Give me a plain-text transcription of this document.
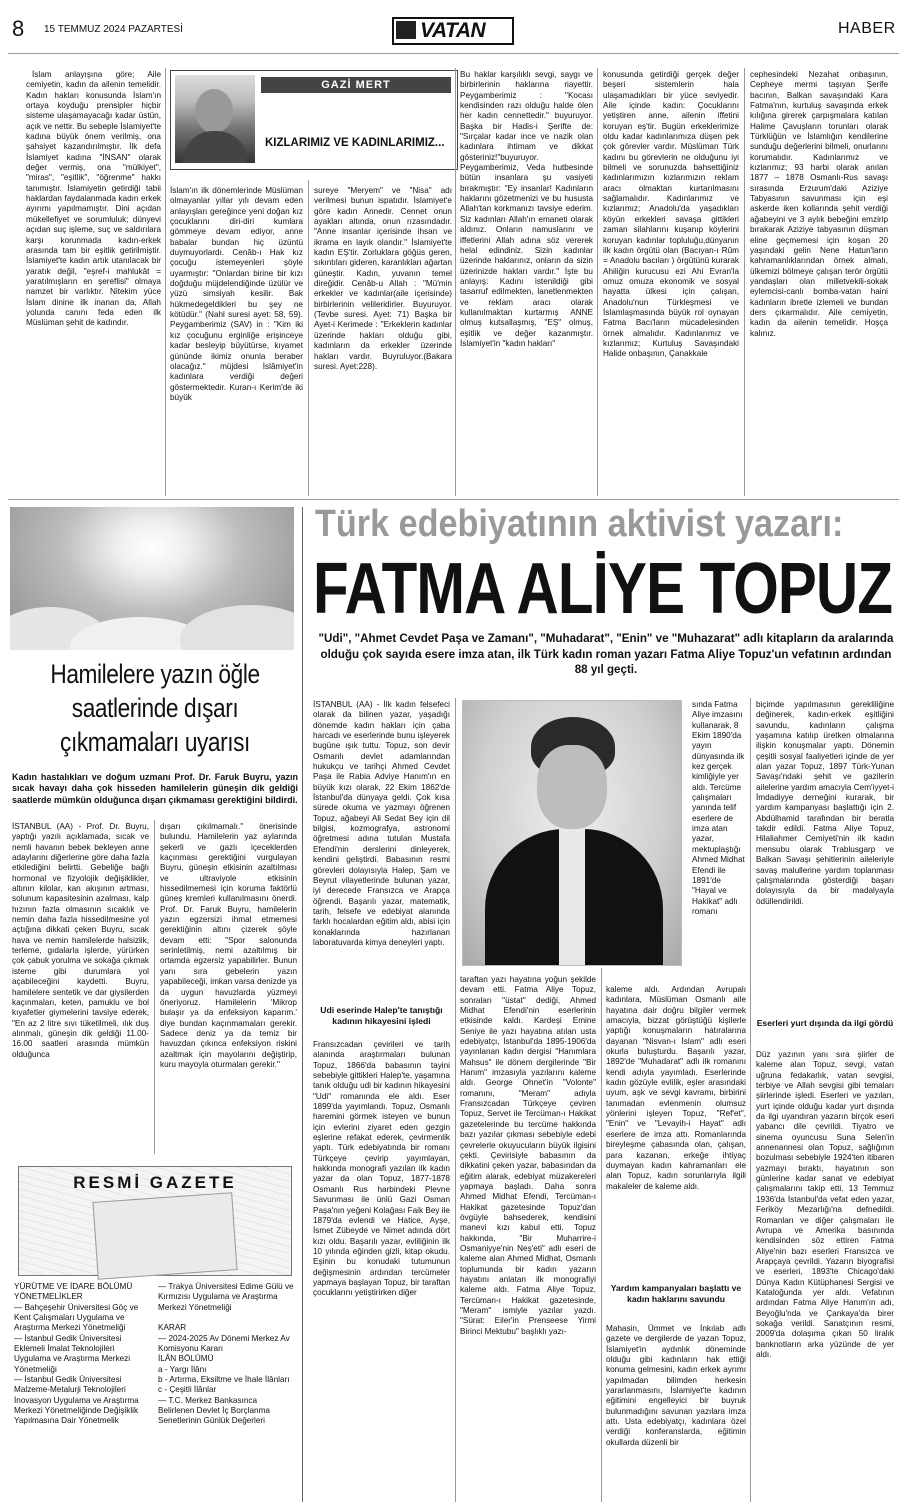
8 15 TEMMUZ 2024 PAZARTESİ	VATAN	HABER
GAZİ MERT
KIZLARIMIZ VE KADINLARIMIZ...
İslam anlayışına göre; Aile cemiyetin, kadın da ailenin temelidir. Kadın hakları konusunda İslam'ın ortaya koyduğu prensipler hiçbir sisteme ulaşamayacağı kadar üstün, açık ve nettir. Bu sebeple İslamiyet'te kadına büyük önem verilmiş, ona şahsiyet kazandırılmıştır. İlk defa İslamiyet kadına "İNSAN" olarak değer vermiş, ona "mülkiyet", "miras", "eşitlik", "öğrenme" hakkı tanımıştır. İslamiyetin getirdiği tabii haklardan faydalanmada kadın erkek ayırımı yapılmamıştır. Dini açıdan mükellefiyet ve sorumluluk; dünyevi açıdan suç işleme, suç ve saldırılara karşı korunmada kadın-erkek arasında tam bir eşitlik getirilmiştir. İslamiyet'te kadın artık utanılacak bir yaratık değil, "eşref-i mahlukât = yaratılmışların en şereflisi" olmaya namzet bir varlıktır. Nitekim yüce İslam dinine ilk inanan da, Allah yolunda canını feda eden ilk Müslüman şehit de kadındır.
İslam'ın ilk dönemlerinde Müslüman olmayanlar yıllar yılı devam eden anlayışları gereğince yeni doğan kız çocuklarını diri-diri kumlara gömmeye devam ediyor, anne babalar bundan hiç üzüntü duymuyorlardı. Cenâb-ı Hak kız çocuğu istemeyenleri şöyle uyarmıştır: "Onlardan birine bir kızı doğduğu müjdelendiğinde üzülür ve yüzü simsiyah kesilir. Bak hükmedegeldikleri bu şey ne kötüdür." (Nahl suresi ayet: 58, 59). Peygamberimiz (SAV) in : "Kim iki kız çocuğunu erginliğe erişinceye kadar besleyip büyütürse, kıyamet gününde ikimiz onunla beraber olacağız." müjdesi İslâmiyet'in kadınlara verdiği değeri göstermektedir. Kuran-ı Kerim'de iki büyük
sureye "Meryem" ve "Nisa" adı verilmesi bunun ispatıdır. İslamiyet'e göre kadın Annedir. Cennet onun ayakları altında, onun rızasındadır. "Anne insanlar içerisinde ihsan ve ikrama en layık olandır." İslamiyet'te kadın EŞ'tir. Zorluklara göğüs geren, sıkıntıları gideren, karanlıkları ağartan güneştir. Kadın, yuvanın temel direğidir. Cenâb-u Allah : "Mü'min erkekler ve kadınlar(aile içerisinde) birbirlerinin velileridirler. Buyuruyor. (Tevbe suresi. Ayet: 71) Başka bir Ayet-i Kerimede : "Erkeklerin kadınlar üzerinde hakları olduğu gibi, kadınların da erkekler üzerinde hakları vardır. Buyruluyor.(Bakara suresi. Ayet:228).
Bu haklar karşılıklı sevgi, saygı ve birbirlerinin haklarına riayettir. Peygamberimiz : "Kocası kendisinden razı olduğu halde ölen her kadın cennettedir." buyuruyor. Başka bir Hadis-i Şerifte de: "Sırçalar kadar ince ve nazik olan kadınlara ihtimam ve dikkat gösteriniz!"buyuruyor. Peygamberimiz, Veda hutbesinde bütün insanlara şu vasiyeti bırakmıştır: "Ey insanlar! Kadınların haklarını gözetmenizi ve bu hususta Allah'tan korkmanızı tavsiye ederim. Siz kadınları Allah'ın emaneti olarak aldınız. Onların namuslarını ve iffetlerini Allah adına söz vererek helal edindiniz. Sizin kadınlar üzerinde haklarınız, onların da sizin üzerinizde hakları vardır." İşte bu anlayış: Kadını istenildiği gibi tasarruf edilmekten, lanetlenmekten ve reklam aracı olarak kullanılmaktan kurtarmış ANNE olmuş kutsallaşmış, "EŞ" olmuş, eşitlik ve değer kazanmıştır. İslamiyet'in "kadın hakları"
konusunda getirdiği gerçek değer beşeri sistemlerin hala ulaşamadıkları bir yüce seviyedir. Aile içinde kadın: Çocuklarını yetiştiren anne, ailenin iffetini koruyan eş'tir. Bugün erkeklerimize oldu kadar kadınlarımıza düşen pek çok görevler vardır. Müslüman Türk kadını bu görevlerin ne olduğunu iyi bilmeli ve sorunuzda bahsettiğiniz kadınlarımızın kızlarımızın reklam aracı olmaktan kurtarılmasını sağlamalıdır. Kadınlarımız ve kızlarımız; Anadolu'da yaşadıkları köyün erkekleri savaşa gittikleri zaman silahlarını kuşanıp köylerini koruyan kadınlar topluluğu,dünyanın ilk kadın örgütü olan (Bacıyan-ı Rûm = Anadolu bacıları ) örgütünü kurarak Ahiliğin kurucusu ezi Ahi Evran'la omuz omuza ekonomik ve sosyal hayatta ülkesi için çalışan, Anadolu'nun Türkleşmesi ve İslamlaşmasında büyük rol oynayan Fatma Bacı'ların mücadelesinden örnek almalıdır. Kadınlarımız ve kızlarımız; Kurtuluş Savaşındaki Halide onbaşının, Çanakkale
cephesindeki Nezahat onbaşının, Cepheye mermi taşıyan Şerife bacının, Balkan savaşındaki Kara Fatma'nın, kurtuluş savaşında erkek kılığına girerek çarpışmalara katılan Halime Çavuşların torunları olarak Türklüğün ve İslamlığın kendilerine sunduğu değerlerini bilmeli, onurlarını korumalıdır. Kadınlarımız ve kızlarımız; 93 harbi olarak anılan 1877 – 1878 Osmanlı-Rus savaşı sırasında Erzurum'daki Aziziye Tabyasının savunması için eşi askerde iken kollarında şehit verdiği ağabeyini ve 3 aylık bebeğini emzirip bırakarak Aziziye tabyasının düşman eline geçmemesi için koşan 20 yaşındaki gelin Nene Hatun'ların kahramanlıklarından örnek almalı, ülkemizi bölmeye çalışan terör örgütü yandaşları olan milletvekili-sokak eylemcisi-canlı bomba-vatan haini kadınların ibretle izlemeli ve bundan ders çıkarmalıdır. Aile cemiyetin, kadın da ailenin temelidir. Hoşça kalınız.
Hamilelere yazın öğle saatlerinde dışarı çıkmamaları uyarısı
Kadın hastalıkları ve doğum uzmanı Prof. Dr. Faruk Buyru, yazın sıcak havayı daha çok hisseden hamilelerin güneşin dik geldiği saatlerde mümkün olduğunca dışarı çıkmaması gerektiğini bildirdi.
İSTANBUL (AA) - Prof. Dr. Buyru, yaptığı yazılı açıklamada, sıcak ve nemli havanın bebek bekleyen anne adaylarını diğerlerine göre daha fazla etkilediğini belirtti. Gebeliğe bağlı hormonal ve fizyolojik değişiklikler, altının kilolar, kan akışının artması, solunum kapasitesinin azalması, kalp hızının fazla olmasının sıcaklık ve nemin daha fazla hissedilmesine yol açtığına dikkati çeken Buyru, sıcak hava ve nemin hamilelerde halsizlik, terleme, gıdalarla işlerde, yürürken çok çabuk yorulma ve sokağa çıkmak isteme gibi durumlara yol açabileceğini kaydetti. Buyru, hamilelere sentetik ve dar giysilerden kaçınmaları, keten, pamuklu ve bol kıyafetler giymelerini tavsiye ederek, "En az 2 litre sıvı tüketilmeli, ılık duş alınmalı, güneşin dik geldiği 11.00-16.00 saatleri arasında mümkün olduğunca
dışarı çıkılmamalı." önerisinde bulundu. Hamilelerin yaz aylarında şekerli ve gazlı içeceklerden kaçınması gerektiğini vurgulayan Buyru, güneşin etkisinin azaltılması ve ultraviyole etkisinin hissedilmemesi için koruma faktörlü güneş kremleri kullanılmasını önerdi. Prof. Dr. Faruk Buyru, hamilelerin yazın egzersizi ihmal etmemesi gerektiğinin altını çizerek şöyle devam etti: "Spor salonunda serinletilmiş, nemi azaltılmış bir ortamda egzersiz yapabilirler. Bunun yanı sıra gebelerin yazın yapabileceği, imkan varsa denizde ya da uygun havuzlarda yüzmeyi öneriyoruz. Hamilelerin 'Mikrop bulaşır ya da enfeksiyon kaparım.' diye bundan kaçınmamaları gerekir. Sadece deniz ya da temiz bir havuzdan çıkınca enfeksiyon riskini azaltmak için mayolarını değiştirip, kuru mayoyla oturmaları gerekir."
RESMİ GAZETE
YÜRÜTME VE İDARE BÖLÜMÜ
YÖNETMELİKLER
— Bahçeşehir Üniversitesi Göç ve Kent Çalışmaları Uygulama ve Araştırma Merkezi Yönetmeliği
— İstanbul Gedik Üniversitesi Eklemeli İmalat Teknolojileri Uygulama ve Araştırma Merkezi Yönetmeliği
— İstanbul Gedik Üniversitesi Malzeme-Metalurji Teknolojileri İnovasyon Uygulama ve Araştırma Merkezi Yönetmeliğinde Değişiklik Yapılmasına Dair Yönetmelik
— Trakya Üniversitesi Edime Gülü ve Kırmızısı Uygulama ve Araştırma Merkezi Yönetmeliği

KARAR
— 2024-2025 Av Dönemi Merkez Av Komisyonu Kararı
İLÂN BÖLÜMÜ
a - Yargı İlânı
b - Artırma, Eksiltme ve İhale İlânları
c - Çeşitli İlânlar
— T.C. Merkez Bankasınca Belirlenen Devlet İç Borçlanma Senetlerinin Günlük Değerleri
Türk edebiyatının aktivist yazarı:
FATMA ALİYE TOPUZ
"Udi", "Ahmet Cevdet Paşa ve Zamanı", "Muhadarat", "Enin" ve "Muhazarat" adlı kitapların da aralarında olduğu çok sayıda esere imza atan, ilk Türk kadın roman yazarı Fatma Aliye Topuz'un vefatının ardından 88 yıl geçti.
İSTANBUL (AA) - İlk kadın felsefeci olarak da bilinen yazar, yaşadığı dönemde kadın hakları için çaba harcadı ve eserlerinde bunu işleyerek bugüne ışık tuttu. Topuz, son devir Osmanlı devlet adamlarından hukukçu ve tarihçi Ahmed Cevdet Paşa ile Rabia Adviye Hanım'ın en büyük kızı olarak, 22 Ekim 1862'de İstanbul'da dünyaya geldi. Çok kısa sürede okuma ve yazmayı öğrenen Topuz, ağabeyi Ali Sedat Bey için dil bilgisi, kozmografya, astronomi öğretmesi adına tutulan Mustafa Efendi'nin derslerini dinleyerek, kendini geliştirdi. Babasının resmi görevleri dolayısıyla Halep, Şam ve Beyrut vilayetlerinde bulunan yazar, iyi derecede Fransızca ve Arapça öğrendi. Başarılı yazar, matematik, tarih, felsefe ve edebiyat alanında farklı hocalardan eğitim aldı, abisi için konaklarında hazırlanan laboratuvarda kimya deneyleri yaptı.
Udi eserinde Halep'te tanıştığı kadının hikayesini işledi
Fransızcadan çevirileri ve tarih alanında araştırmaları bulunan Topuz, 1866'da babasının tayini sebebiyle gittikleri Halep'te, yaşamına tanık olduğu udi bir kadının hikayesini "Udi" romanında ele aldı. Eser 1899'da yayımlandı. Topuz, Osmanlı haremini görmek isteyen ve bunun için evlerini ziyaret eden gezgin eşlerine refakat ederek, çevirmenlik yaptı. Türk edebiyatında bir romanı Türkçeye çevirip yayımlayan, hakkında monografi yazılan ilk kadın yazar da olan Topuz, 1877-1878 Osmanlı Rus harbindeki Plevne Savunması ile ünlü Gazi Osman Paşa'nın yeğeni Kolağası Faik Bey ile 1879'da evlendi ve Hatice, Ayşe, İsmet Zübeyde ve Nimet adında dört kızı oldu. Başarılı yazar, evliliğinin ilk 10 yılında eğinden gizli, kitap okudu. Eşinin bu konudaki tutumunun değişmesinin ardından tercümeler yapmaya başlayan Topuz, bir taraftan çocuklarını yetiştirirken diğer
sında Fatma Aliye imzasını kullanarak, 8 Ekim 1890'da yayın dünyasında ilk kez gerçek kimliğiyle yer aldı. Tercüme çalışmaları yanında telif eserlere de imza atan yazar, mektuplaştığı Ahmed Midhat Efendi ile 1891'de "Hayal ve Hakikat" adlı romanı
taraftan yazı hayatına yoğun şekilde devam etti. Fatma Aliye Topuz, sonraları "üstat" dediği, Ahmed Midhat Efendi'nin eserlerinin etkisinde kaldı. Kardeşi Emine Seniye ile yazı hayatına atılan usta edebiyatçı, İstanbul'da 1895-1906'da yayınlanan kadın dergisi "Hanımlara Mahsus" ile dönem dergilerinde "Bir Hanım" imzasıyla yazılarını kaleme aldı. George Ohnet'in "Volonte" romanını, "Meram" adıyla Fransızcadan Türkçeye çeviren Topuz, Servet ile Tercüman-ı Hakikat gazetelerinde bu tercüme hakkında bazı yazılar çıkması sebebiyle edebi çevrelerle okuyucuların büyük ilgisini çekti. Çevirisiyle babasının da dikkatini çeken yazar, babasından da eğitim alarak, edebiyat müzakereleri yapmaya başladı. Daha sonra Ahmed Midhat Efendi, Tercüman-ı Hakikat gazetesinde Topuz'dan övgüyle bahsederek, kendisini manevi kızı kabul etti. Topuz hakkında, "Bir Muharrire-i Osmaniyye'nin Neş'eti" adlı eseri de kaleme alan Ahmed Midhat, Osmanlı toplumunda bir kadın yazarın hayatını anlatan ilk monografiyi kaleme aldı. Fatma Aliye Topuz, Tercüman-ı Hakikat gazetesinde, "Meram" ismiyle yazılar yazdı. "Sürat: Eiler'in Prenseese Yirmi Birinci Mektubu" başlıklı yazı-
kaleme aldı. Ardından Avrupalı kadınlara, Müslüman Osmanlı aile hayatına dair doğru bilgiler vermek amacıyla, bizzat görüştüğü kişilerle yaptığı konuşmaların hatıralarına dayanan "Nisvan-ı İslam" adlı eseri okurla buluşturdu. Başarılı yazar, 1892'de "Muhadarat" adlı ilk romanını kendi adıyla yayımladı. Eserlerinde kadın gözüyle evlilik, eşler arasındaki uyum, aşk ve sevgi kavramı, birbirini tanımadan evlenmenin olumsuz yönlerini işleyen Topuz, "Ref'et", "Enin" ve "Levayih-i Hayat" adlı eserlere de imza attı. Romanlarında bireyleşme çabasında olan, çalışan, para kazanan, erkeğe ihtiyaç duymayan kadın kahramanları ele alan Topuz, kadın sorunlarıyla ilgili makaleler de kaleme aldı.
Yardım kampanyaları başlattı ve kadın haklarını savundu
Mahasin, Ümmet ve İnkılab adlı gazete ve dergilerde de yazan Topuz, İslamiyet'in aydınlık döneminde olduğu gibi kadınların hak ettiği konuma gelmesini, kadın erkek ayrımı yapılmadan bilimden herkesin yararlanmasını, İslamiyet'te kadının eğitimini engelleyici bir buyruk bulunmadığını savunan yazılara imza attı. Usta edebiyatçı, kadınlara özel verdiği konferanslarda, eğitimin okullarda düzenli bir
biçimde yapılmasının gerekliliğine değinerek, kadın-erkek eşitliğini savundu, kadınların çalışma yaşamına katılıp üretken olmalarına ilişkin konuşmalar yaptı. Dönemin çeşitli sosyal faaliyetleri içinde de yer alan yazar Topuz, 1897 Türk-Yunan Savaşı'ndaki şehit ve gazilerin ailelerine yardım amacıyla Cem'iyyet-i İmdadiyye derneğini kurarak, bir yardım kampanyası başlattığı için 2. Abdülhamid tarafından bir beratla takdir edildi. Fatma Aliye Topuz, Hilaliahmer Cemiyeti'nin ilk kadın mensubu olarak Trablusgarp ve Balkan Savaşı şehitlerinin aileleriyle savaş malullerine yardım toplanması çalışmalarında gösterdiği başarı dolayısıyla da bir madalyayla ödüllendirildi.
Eserleri yurt dışında da ilgi gördü
Düz yazının yanı sıra şiirler de kaleme alan Topuz, sevgi, vatan uğruna fedakarlık, vatan sevgisi, terbiye ve Allah sevgisi gibi temaları şiirlerinde işledi. Eserleri ve yazıları, yurt içinde olduğu kadar yurt dışında da ilgi uyandıran yazarın birçok eseri yabancı dile çevrildi. Tiyatro ve sinema oyuncusu Suna Selen'in annenannesi olan Topuz, sağlığının bozulması sebebiyle 1924'ten itibaren yazmayı bıraktı, hayatının son günlerine kadar sanat ve edebiyat çalışmalarını takip etti. 13 Temmuz 1936'da İstanbul'da vefat eden yazar, Feriköy Mezarlığı'na defnedildi. Romanları ve diğer çalışmaları ile Avrupa ve Amerika basınında kendisinden söz ettiren Fatma Aliye'nin bazı eserleri Fransızca ve Arapçaya çevrildi. Yazarın biyografisi ve eserleri, 1893'te Chicago'daki Dünya Kadın Kütüphanesi Sergisi ve Kataloğunda yer aldı. Vefatının ardından Fatma Aliye Hanım'ın adı, Beyoğlu'nda ve Çankaya'da birer sokağa verildi. Sanatçının resmi, 2009'da dolaşıma çıkan 50 liralık banknotların arka yüzünde de yer aldı.
